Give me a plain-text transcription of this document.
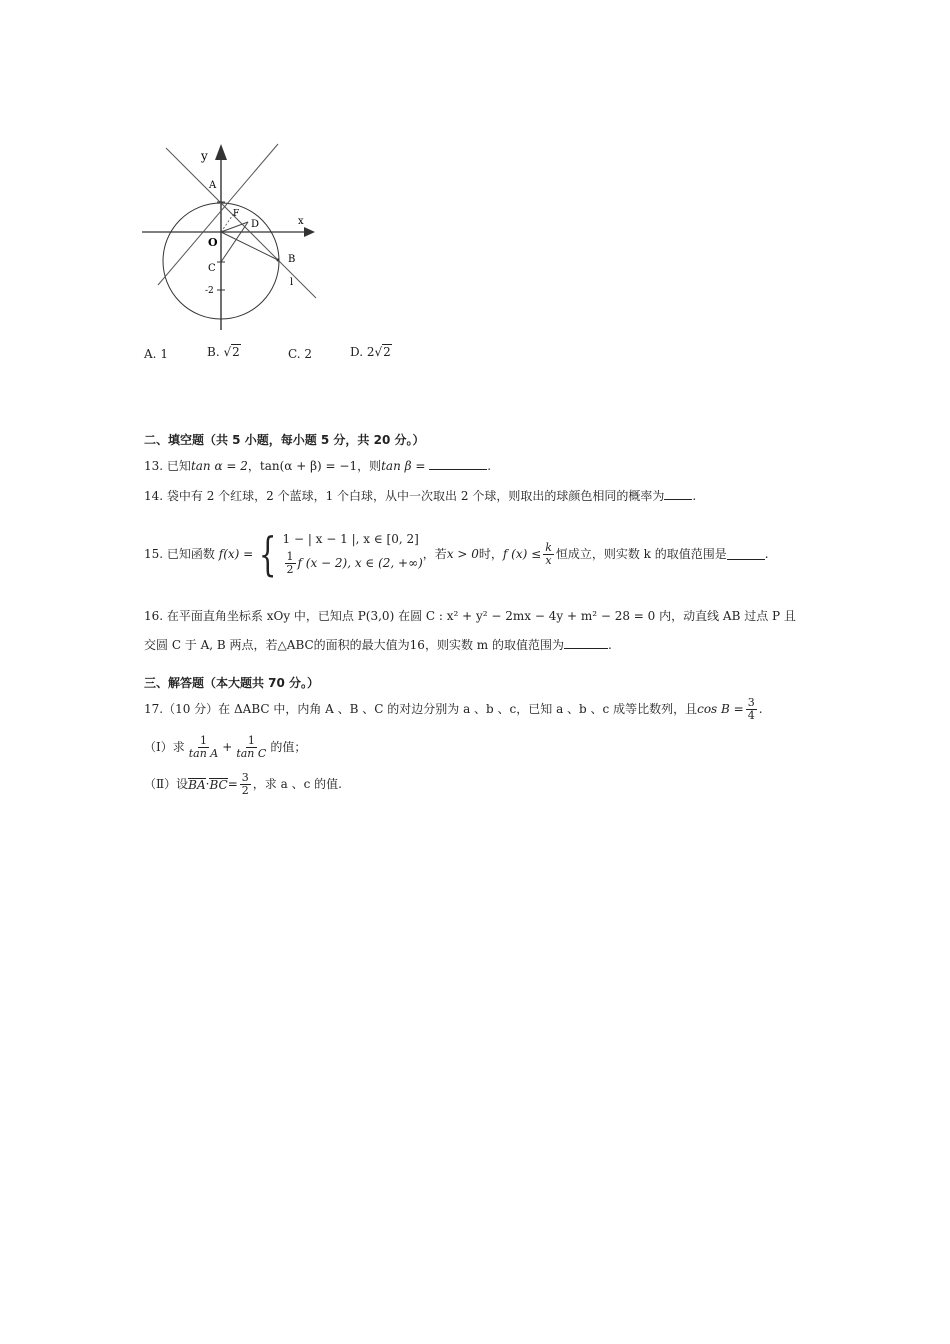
y
x
A
F
D
O
B
C
-2
l
A. 1	B. √2	C. 2	D. 2√2
二、填空题（共 5 小题，每小题 5 分，共 20 分。）
13. 已知tan α = 2，tan(α + β) = −1，则tan β =	.
14. 袋中有 2 个红球，2 个蓝球，1 个白球，从中一次取出 2 个球，则取出的球颜色相同的概率为 .
15.
已知函数
f(x) = { 1 − | x − 1 |, x ∈ [0, 2]
$\frac{1}{2}$ f (x − 2), x ∈ (2, +∞)
，若 x > 0 时， f $(x) \le \frac{k}{x}$ 恒成立，则实数 k 的取值范围是	.
16. 在平面直角坐标系 xOy 中，已知点 P(3,0) 在圆 C : x² + y² − 2mx − 4y + m² − 28 = 0 内，动直线 AB 过点 P 且
交圆 C 于 A, B 两点，若△ABC的面积的最大值为16，则实数 m 的取值范围为	.
三、解答题（本大题共 70 分。）
17.（10 分）在 ΔABC 中，内角 A 、B 、C 的对边分别为 a 、b 、c，已知 a 、b 、c 成等比数列，且 $\cos B = \frac{3}{4}$ .
（Ⅰ）求 $\frac{1}{\text{tan A}} + \frac{1}{\text{tan C}}$ 的值；
（Ⅱ）设 BA · BC = $\frac{3}{2}$ ，求 a 、c 的值.
